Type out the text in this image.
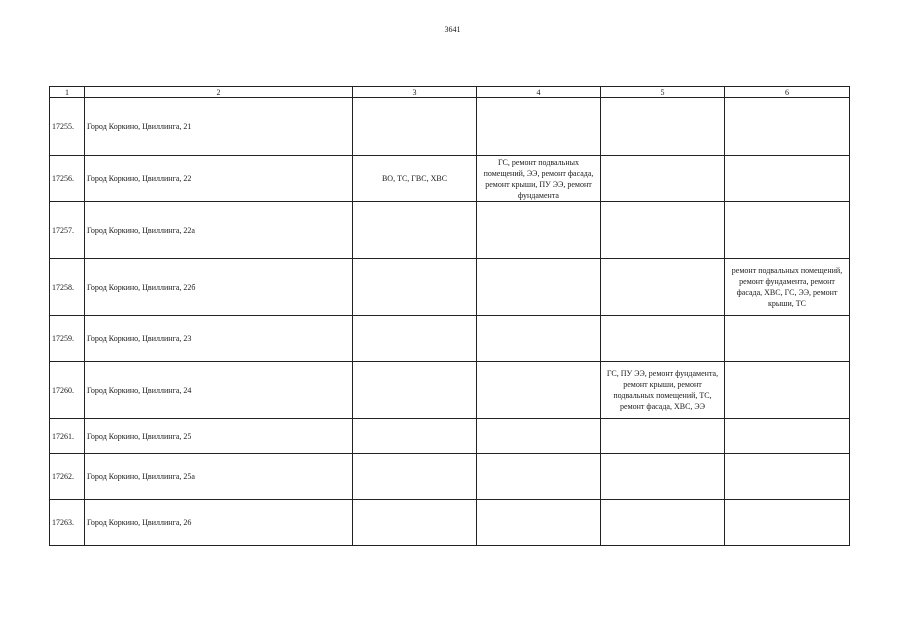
3641
1	2	3	4	5	6
17255.	Город Коркино, Цвиллинга, 21				
17256.	Город Коркино, Цвиллинга, 22	ВО, ТС, ГВС, ХВС	ГС, ремонт подвальных помещений, ЭЭ, ремонт фасада, ремонт крыши, ПУ ЭЭ, ремонт фундамента		
17257.	Город Коркино, Цвиллинга, 22а				
17258.	Город Коркино, Цвиллинга, 22б				ремонт подвальных помещений, ремонт фундамента, ремонт фасада, ХВС, ГС, ЭЭ, ремонт крыши, ТС
17259.	Город Коркино, Цвиллинга, 23				
17260.	Город Коркино, Цвиллинга, 24			ГС, ПУ ЭЭ, ремонт фундамента, ремонт крыши, ремонт подвальных помещений, ТС, ремонт фасада, ХВС, ЭЭ	
17261.	Город Коркино, Цвиллинга, 25				
17262.	Город Коркино, Цвиллинга, 25а				
17263.	Город Коркино, Цвиллинга, 26				
